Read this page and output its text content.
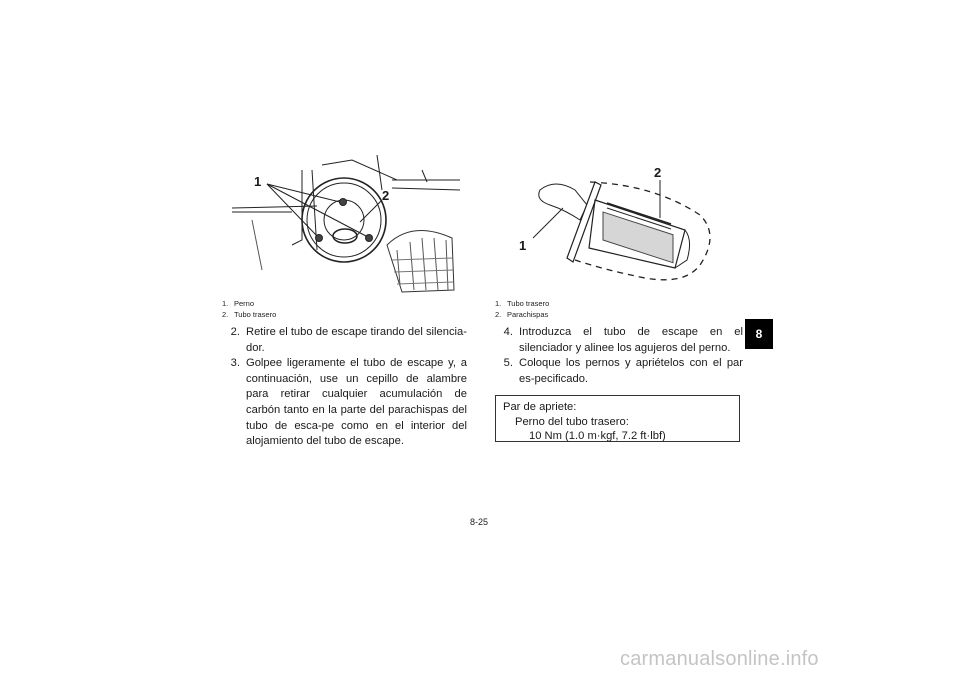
1
2
1. Perno
2. Tubo trasero
2. Retire el tubo de escape tirando del silencia-dor.
3. Golpee ligeramente el tubo de escape y, a continuación, use un cepillo de alambre para retirar cualquier acumulación de carbón tanto en la parte del parachispas del tubo de esca-pe como en el interior del alojamiento del tubo de escape.
2
1
1. Tubo trasero
2. Parachispas
4. Introduzca el tubo de escape en el silenciador y alinee los agujeros del perno.
5. Coloque los pernos y apriételos con el par es-pecificado.
Par de apriete:
Perno del tubo trasero:
10 Nm (1.0 m·kgf, 7.2 ft·lbf)
8
8-25
carmanualsonline.info
